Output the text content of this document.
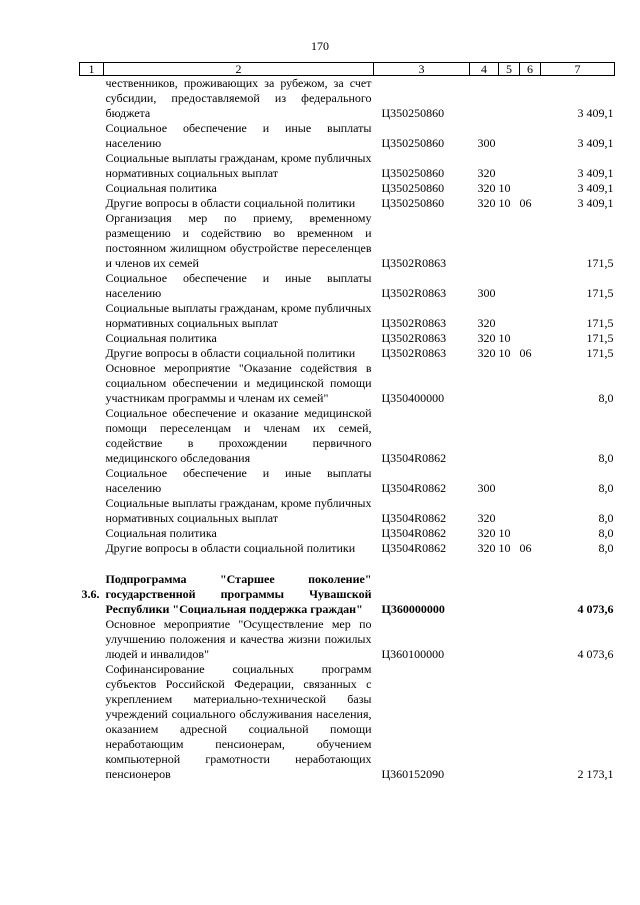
170
1	2	3	4	5	6	7
	чественников, проживающих за рубежом, за счет субсидии, предоставляемой из федерального бюджета	Ц350250860				3 409,1
	Социальное обеспечение и иные выплаты населению	Ц350250860	300			3 409,1
	Социальные выплаты гражданам, кроме публичных нормативных социальных выплат	Ц350250860	320			3 409,1
	Социальная политика	Ц350250860	320	10		3 409,1
	Другие вопросы в области социальной политики	Ц350250860	320	10	06	3 409,1
	Организация мер по приему, временному размещению и содействию во временном и постоянном жилищном обустройстве переселенцев и членов их семей	Ц3502R0863				171,5
	Социальное обеспечение и иные выплаты населению	Ц3502R0863	300			171,5
	Социальные выплаты гражданам, кроме публичных нормативных социальных выплат	Ц3502R0863	320			171,5
	Социальная политика	Ц3502R0863	320	10		171,5
	Другие вопросы в области социальной политики	Ц3502R0863	320	10	06	171,5
	Основное мероприятие "Оказание содействия в социальном обеспечении и медицинской помощи участникам программы и членам их семей"	Ц350400000				8,0
	Социальное обеспечение и оказание медицинской помощи переселенцам и членам их семей, содействие в прохождении первичного медицинского обследования	Ц3504R0862				8,0
	Социальное обеспечение и иные выплаты населению	Ц3504R0862	300			8,0
	Социальные выплаты гражданам, кроме публичных нормативных социальных выплат	Ц3504R0862	320			8,0
	Социальная политика	Ц3504R0862	320	10		8,0
	Другие вопросы в области социальной политики	Ц3504R0862	320	10	06	8,0

3.6.	Подпрограмма "Старшее поколение" государственной программы Чувашской Республики "Социальная поддержка граждан"	Ц360000000				4 073,6
	Основное мероприятие "Осуществление мер по улучшению положения и качества жизни пожилых людей и инвалидов"	Ц360100000				4 073,6
	Софинансирование социальных программ субъектов Российской Федерации, связанных с укреплением материально-технической базы учреждений социального обслуживания населения, оказанием адресной социальной помощи неработающим пенсионерам, обучением компьютерной грамотности неработающих пенсионеров	Ц360152090				2 173,1
